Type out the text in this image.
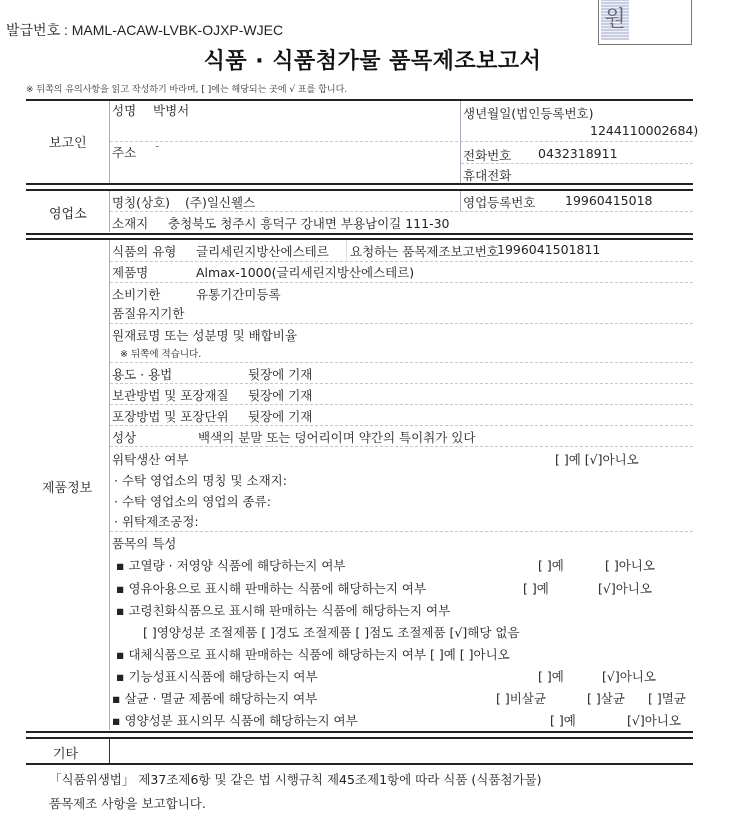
발급번호 : MAML-ACAW-LVBK-OJXP-WJEC	원
식품 · 식품첨가물 품목제조보고서
※ 뒤쪽의 유의사항을 읽고 작성하기 바라며, [ ]에는 해당되는 곳에 √ 표를 합니다.
보고인
성명 박병서	생년월일(법인등록번호)
1244110002684)
주소 -
전화번호 0432318911
휴대전화
영업소
명칭(상호) (주)일신웰스	영업등록번호 19960415018
소재지 충청북도 청주시 흥덕구 강내면 부용남이길 111-30
제품정보
식품의 유형 글리세린지방산에스테르 요청하는 품목제조보고번호
1996041501811
제품명	Almax-1000(글리세린지방산에스테르)
소비기한	유통기간미등록
품질유지기한
원재료명 또는 성분명 및 배합비율
※ 뒤쪽에 적습니다.
용도 · 용법	뒷장에 기재
보관방법 및 포장재질 뒷장에 기재
포장방법 및 포장단위 뒷장에 기재
성상	백색의 분말 또는 덩어리이며 약간의 특이취가 있다
위탁생산 여부	[ ]예 [√]아니오
· 수탁 영업소의 명칭 및 소재지:
· 수탁 영업소의 영업의 종류:
· 위탁제조공정:
품목의 특성
▪ 고열량 · 저영양 식품에 해당하는지 여부	[ ]예	[ ]아니오
▪ 영유아용으로 표시해 판매하는 식품에 해당하는지 여부	[ ]예	[√]아니오
▪ 고령친화식품으로 표시해 판매하는 식품에 해당하는지 여부
[ ]영양성분 조절제품 [ ]경도 조절제품 [ ]점도 조절제품 [√]해당 없음
▪ 대체식품으로 표시해 판매하는 식품에 해당하는지 여부 [ ]예 [ ]아니오
▪ 기능성표시식품에 해당하는지 여부	[ ]예	[√]아니오
▪ 살균 · 멸균 제품에 해당하는지 여부	[ ]비살균	[ ]살균 [ ]멸균
▪ 영양성분 표시의무 식품에 해당하는지 여부	[ ]예	[√]아니오
기타
「식품위생법」 제37조제6항 및 같은 법 시행규칙 제45조제1항에 따라 식품 (식품첨가물)
품목제조 사항을 보고합니다.
